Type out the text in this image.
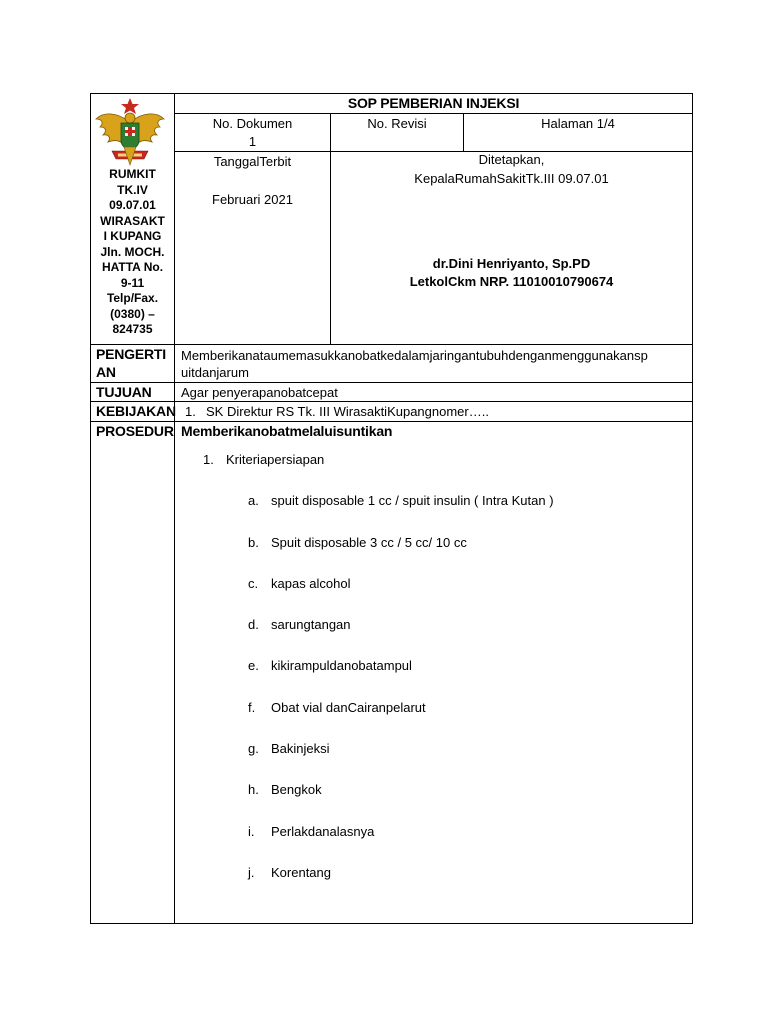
RUMKIT
TK.IV
09.07.01
WIRASAKT
I KUPANG
Jln. MOCH.
HATTA No.
9-11
Telp/Fax.
(0380) –
824735
SOP PEMBERIAN INJEKSI
No. Dokumen
1
No. Revisi	Halaman 1/4
TanggalTerbit
Februari 2021
Ditetapkan,
KepalaRumahSakitTk.III 09.07.01
dr.Dini Henriyanto, Sp.PD
LetkolCkm NRP. 11010010790674
PENGERTI
AN
Memberikanataumemasukkanobatkedalamjaringantubuhdenganmenggunakansp
uitdanjarum
TUJUAN Agar penyerapanobatcepat
KEBIJAKAN 1. SK Direktur RS Tk. III WirasaktiKupangnomer…..
PROSEDUR Memberikanobatmelaluisuntikan
1. Kriteriapersiapan
a. spuit disposable 1 cc / spuit insulin ( Intra Kutan )
b. Spuit disposable 3 cc / 5 cc/ 10 cc
c. kapas alcohol
d. sarungtangan
e. kikirampuldanobatampul
f. Obat vial danCairanpelarut
g. Bakinjeksi
h. Bengkok
i. Perlakdanalasnya
j. Korentang
